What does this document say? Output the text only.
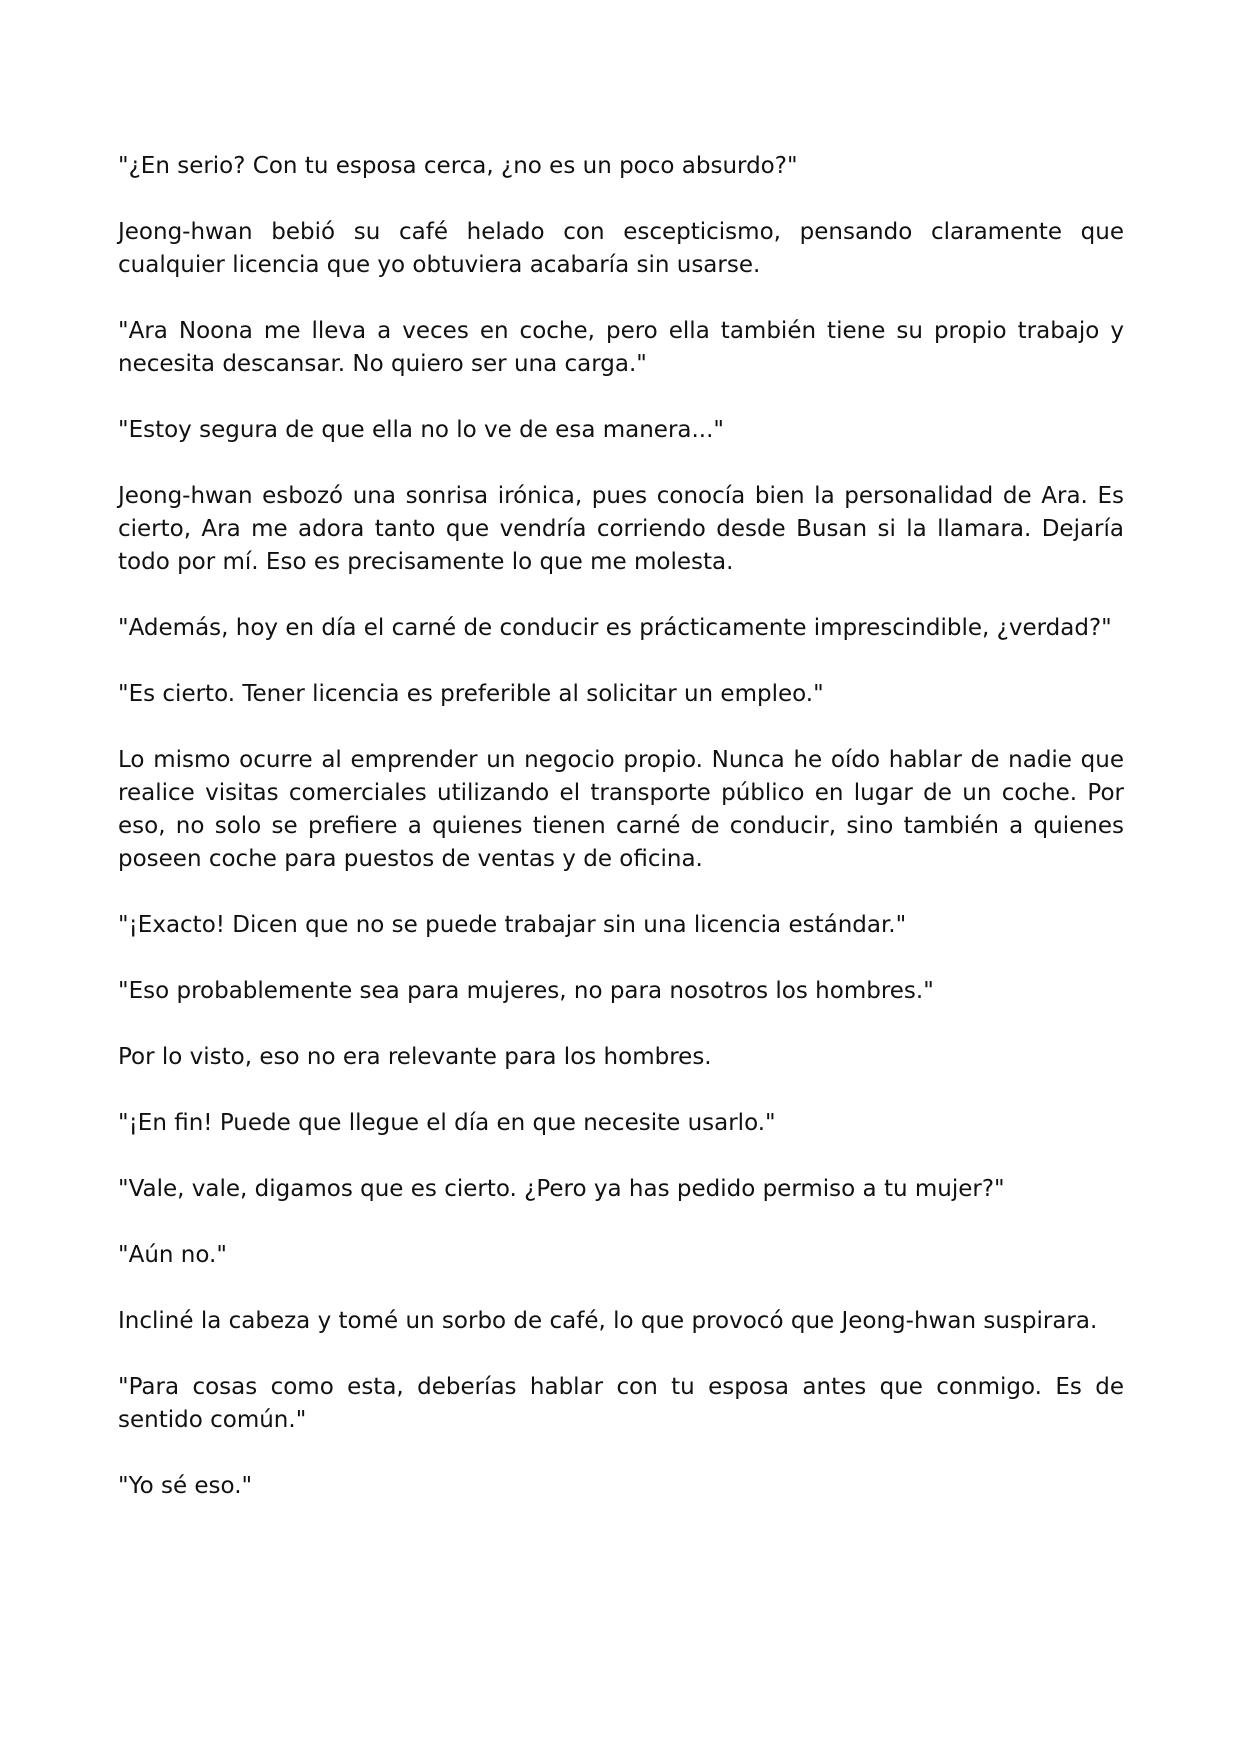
"¿En serio? Con tu esposa cerca, ¿no es un poco absurdo?"

Jeong-hwan bebió su café helado con escepticismo, pensando claramente que cualquier licencia que yo obtuviera acabaría sin usarse.

"Ara Noona me lleva a veces en coche, pero ella también tiene su propio trabajo y necesita descansar. No quiero ser una carga."

"Estoy segura de que ella no lo ve de esa manera..."

Jeong-hwan esbozó una sonrisa irónica, pues conocía bien la personalidad de Ara. Es cierto, Ara me adora tanto que vendría corriendo desde Busan si la llamara. Dejaría todo por mí. Eso es precisamente lo que me molesta.

"Además, hoy en día el carné de conducir es prácticamente imprescindible, ¿verdad?"

"Es cierto. Tener licencia es preferible al solicitar un empleo."

Lo mismo ocurre al emprender un negocio propio. Nunca he oído hablar de nadie que realice visitas comerciales utilizando el transporte público en lugar de un coche. Por eso, no solo se prefiere a quienes tienen carné de conducir, sino también a quienes poseen coche para puestos de ventas y de oficina.

"¡Exacto! Dicen que no se puede trabajar sin una licencia estándar."

"Eso probablemente sea para mujeres, no para nosotros los hombres."

Por lo visto, eso no era relevante para los hombres.

"¡En fin! Puede que llegue el día en que necesite usarlo."

"Vale, vale, digamos que es cierto. ¿Pero ya has pedido permiso a tu mujer?"

"Aún no."

Incliné la cabeza y tomé un sorbo de café, lo que provocó que Jeong-hwan suspirara.

"Para cosas como esta, deberías hablar con tu esposa antes que conmigo. Es de sentido común."

"Yo sé eso."
